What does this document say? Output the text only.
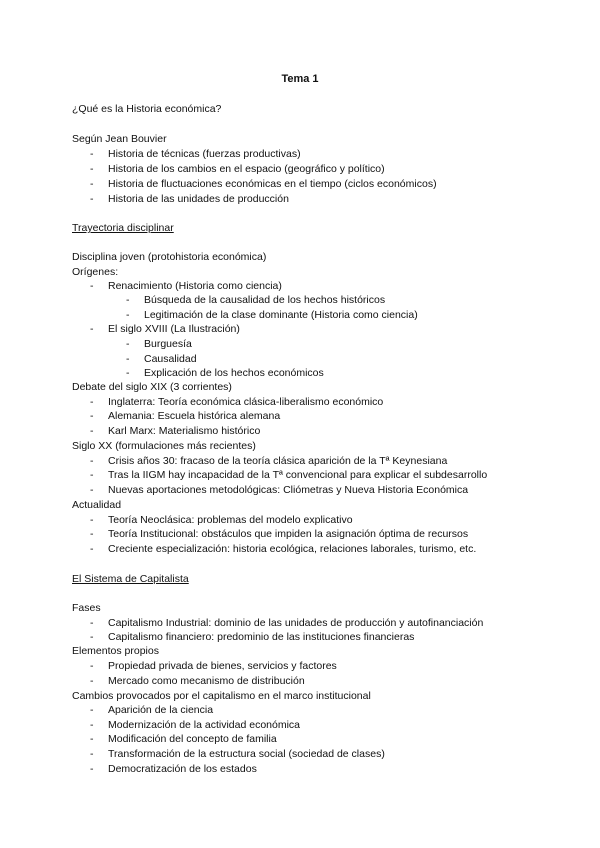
Tema 1
¿Qué es la Historia económica?
Según Jean Bouvier
- Historia de técnicas (fuerzas productivas)
- Historia de los cambios en el espacio (geográfico y político)
- Historia de fluctuaciones económicas en el tiempo (ciclos económicos)
- Historia de las unidades de producción
Trayectoria disciplinar
Disciplina joven (protohistoria económica)
Orígenes:
- Renacimiento (Historia como ciencia)
- Búsqueda de la causalidad de los hechos históricos
- Legitimación de la clase dominante (Historia como ciencia)
- El siglo XVIII (La Ilustración)
- Burguesía
- Causalidad
- Explicación de los hechos económicos
Debate del siglo XIX (3 corrientes)
- Inglaterra: Teoría económica clásica-liberalismo económico
- Alemania: Escuela histórica alemana
- Karl Marx: Materialismo histórico
Siglo XX (formulaciones más recientes)
- Crisis años 30: fracaso de la teoría clásica aparición de la Tª Keynesiana
- Tras la IIGM hay incapacidad de la Tª convencional para explicar el subdesarrollo
- Nuevas aportaciones metodológicas: Cliómetras y Nueva Historia Económica
Actualidad
- Teoría Neoclásica: problemas del modelo explicativo
- Teoría Institucional: obstáculos que impiden la asignación óptima de recursos
- Creciente especialización: historia ecológica, relaciones laborales, turismo, etc.
El Sistema de Capitalista
Fases
- Capitalismo Industrial: dominio de las unidades de producción y autofinanciación
- Capitalismo financiero: predominio de las instituciones financieras
Elementos propios
- Propiedad privada de bienes, servicios y factores
- Mercado como mecanismo de distribución
Cambios provocados por el capitalismo en el marco institucional
- Aparición de la ciencia
- Modernización de la actividad económica
- Modificación del concepto de familia
- Transformación de la estructura social (sociedad de clases)
- Democratización de los estados
